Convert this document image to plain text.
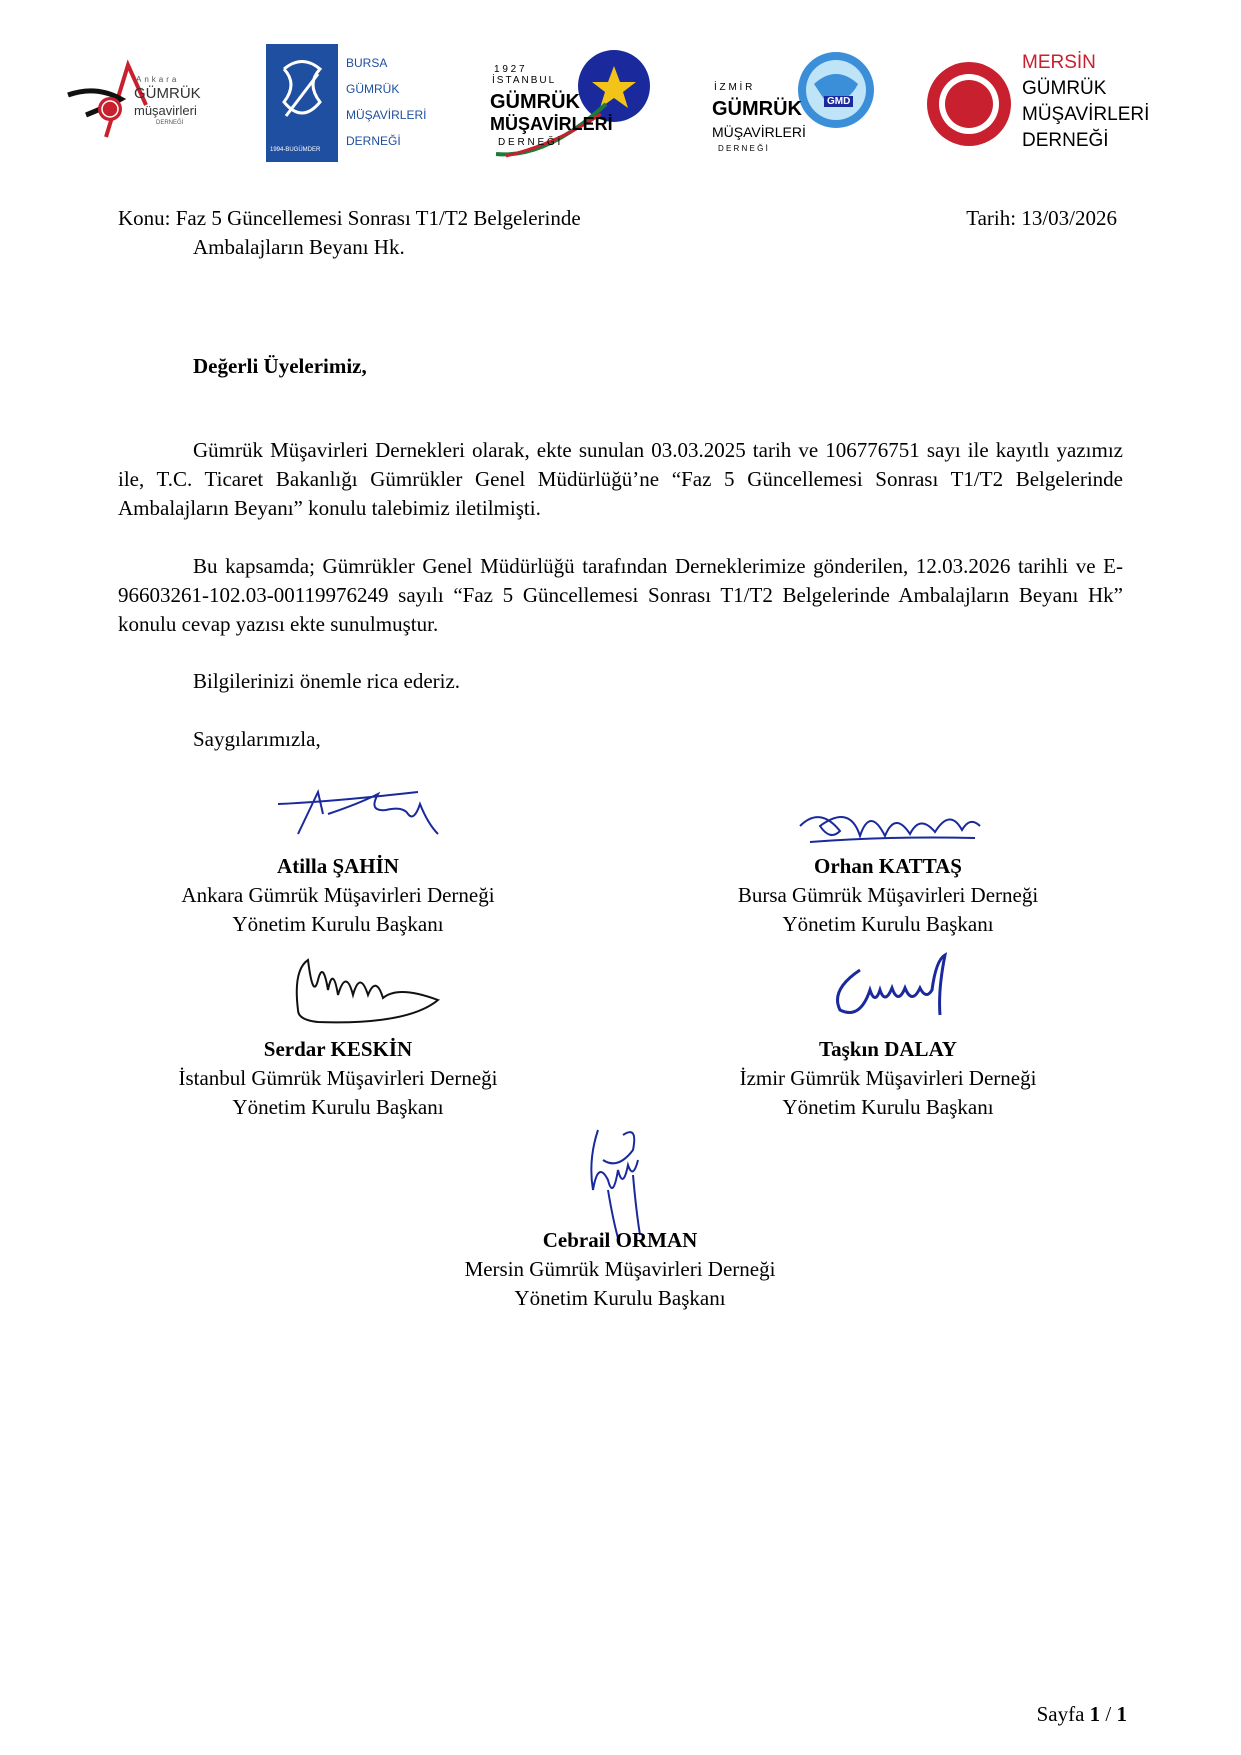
Ankara
GÜMRÜK
müşavirleri
DERNEĞİ
1994-BUGÜMDER
BURSA
GÜMRÜK
MÜŞAVİRLERİ
DERNEĞİ
1 9 2 7
İSTANBUL
GÜMRÜK
MÜŞAVİRLERİ
D E R N E Ğ İ
GMD
İ Z M İ R
GÜMRÜK
MÜŞAVİRLERİ
D E R N E Ğ İ
MERSİN
GÜMRÜK
MÜŞAVİRLERİ
DERNEĞİ
Konu: Faz 5 Güncellemesi Sonrası T1/T2 Belgelerinde
Ambalajların Beyanı Hk.
Tarih: 13/03/2026
Değerli Üyelerimiz,
Gümrük Müşavirleri Dernekleri olarak, ekte sunulan 03.03.2025 tarih ve 106776751 sayı ile kayıtlı yazımız ile, T.C. Ticaret Bakanlığı Gümrükler Genel Müdürlüğü’ne “Faz 5 Güncellemesi Sonrası T1/T2 Belgelerinde Ambalajların Beyanı” konulu talebimiz iletilmişti.
Bu kapsamda; Gümrükler Genel Müdürlüğü tarafından Derneklerimize gönderilen, 12.03.2026 tarihli ve E-96603261-102.03-00119976249 sayılı “Faz 5 Güncellemesi Sonrası T1/T2 Belgelerinde Ambalajların Beyanı Hk” konulu cevap yazısı ekte sunulmuştur.
Bilgilerinizi önemle rica ederiz.
Saygılarımızla,
Atilla ŞAHİN
Ankara Gümrük Müşavirleri Derneği
Yönetim Kurulu Başkanı
Orhan KATTAŞ
Bursa Gümrük Müşavirleri Derneği
Yönetim Kurulu Başkanı
Serdar KESKİN
İstanbul Gümrük Müşavirleri Derneği
Yönetim Kurulu Başkanı
Taşkın DALAY
İzmir Gümrük Müşavirleri Derneği
Yönetim Kurulu Başkanı
Cebrail ORMAN
Mersin Gümrük Müşavirleri Derneği
Yönetim Kurulu Başkanı
Sayfa 1 / 1
